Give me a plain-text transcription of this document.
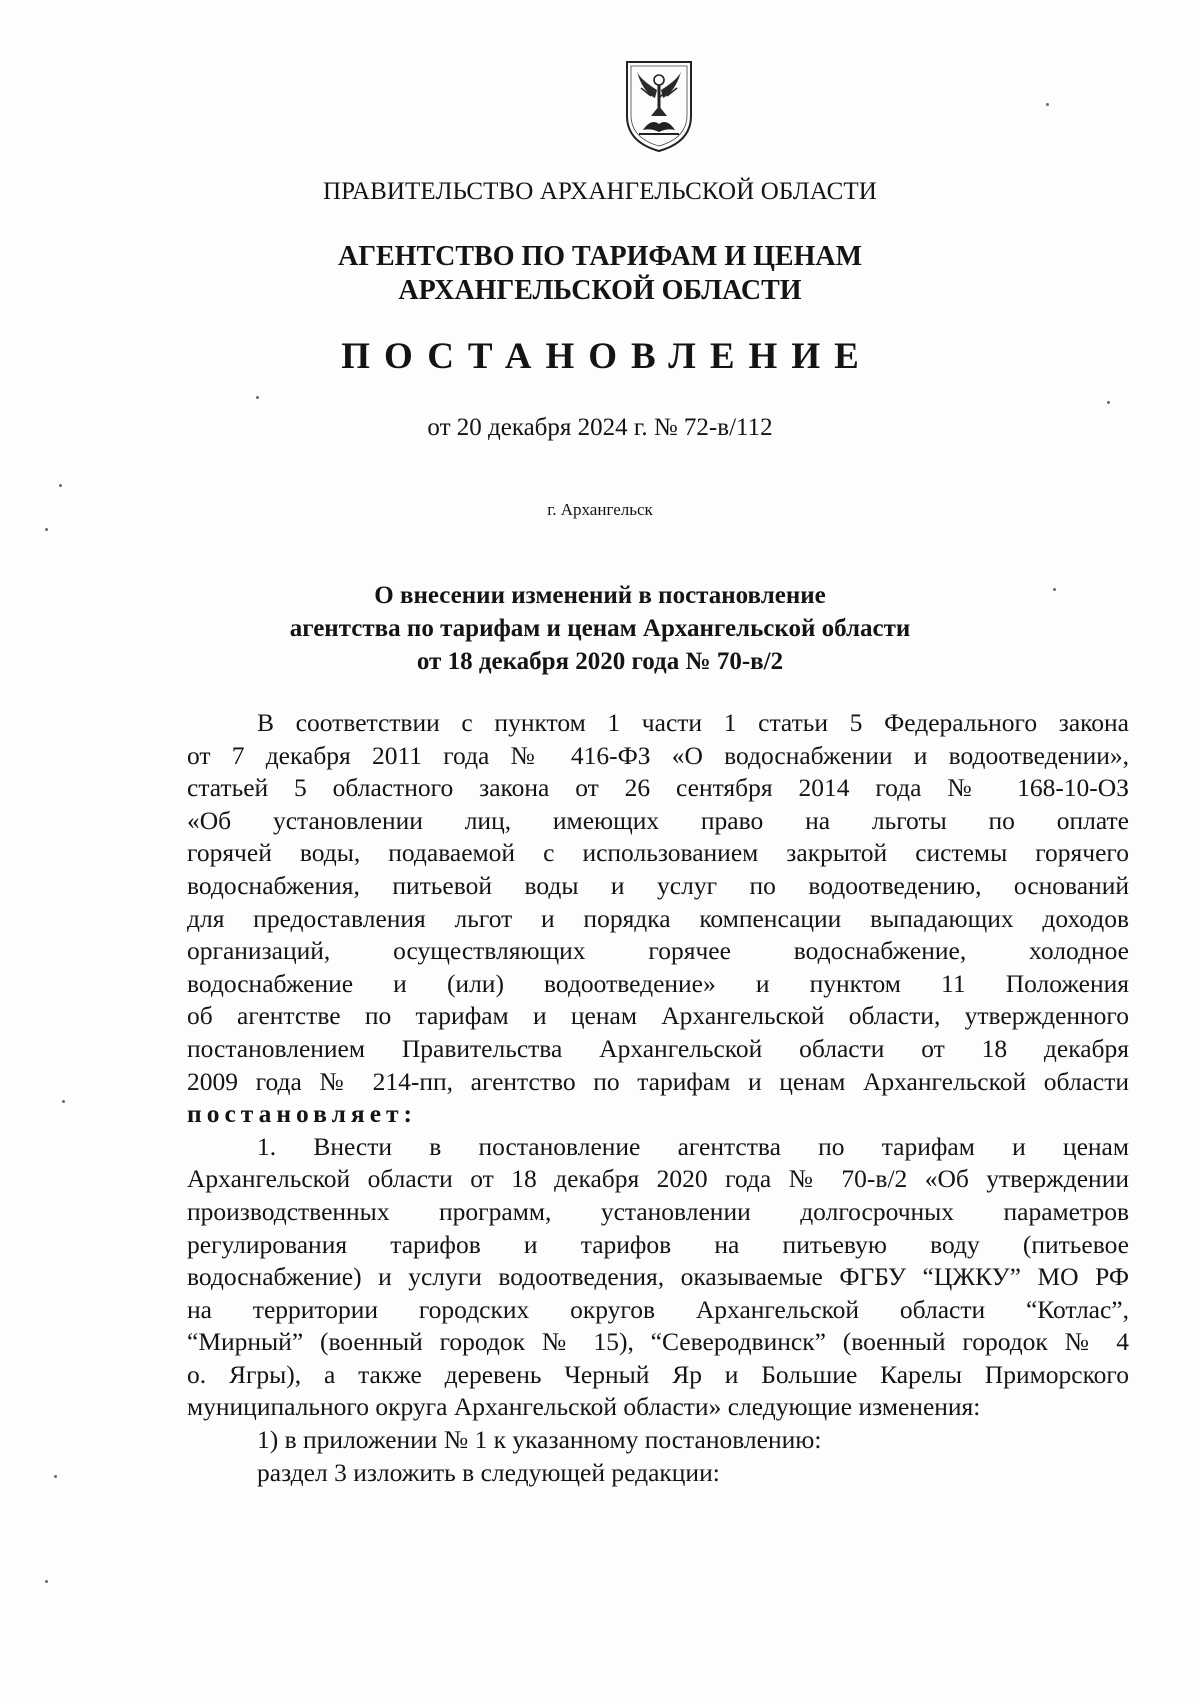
ПРАВИТЕЛЬСТВО АРХАНГЕЛЬСКОЙ ОБЛАСТИ
АГЕНТСТВО ПО ТАРИФАМ И ЦЕНАМ
АРХАНГЕЛЬСКОЙ ОБЛАСТИ
ПОСТАНОВЛЕНИЕ
от 20 декабря 2024 г. № 72-в/112
г. Архангельск
О внесении изменений в постановление
агентства по тарифам и ценам Архангельской области
от 18 декабря 2020 года № 70-в/2

В соответствии с пунктом 1 части 1 статьи 5 Федерального закона

от 7 декабря 2011 года № 416-ФЗ «О водоснабжении и водоотведении»,

статьей 5 областного закона от 26 сентября 2014 года № 168-10-ОЗ

«Об установлении лиц, имеющих право на льготы по оплате

горячей воды, подаваемой с использованием закрытой системы горячего

водоснабжения, питьевой воды и услуг по водоотведению, оснований

для предоставления льгот и порядка компенсации выпадающих доходов

организаций, осуществляющих горячее водоснабжение, холодное

водоснабжение и (или) водоотведение» и пунктом 11 Положения

об агентстве по тарифам и ценам Архангельской области, утвержденного

постановлением Правительства Архангельской области от 18 декабря

2009 года № 214-пп, агентство по тарифам и ценам Архангельской области

постановляет:

1. Внести в постановление агентства по тарифам и ценам

Архангельской области от 18 декабря 2020 года № 70-в/2 «Об утверждении

производственных программ, установлении долгосрочных параметров

регулирования тарифов и тарифов на питьевую воду (питьевое

водоснабжение) и услуги водоотведения, оказываемые ФГБУ “ЦЖКУ” МО РФ

на территории городских округов Архангельской области “Котлас”,

“Мирный” (военный городок № 15), “Северодвинск” (военный городок № 4

о. Ягры), а также деревень Черный Яр и Большие Карелы Приморского

муниципального округа Архангельской области» следующие изменения:

1) в приложении № 1 к указанному постановлению:

раздел 3 изложить в следующей редакции:
